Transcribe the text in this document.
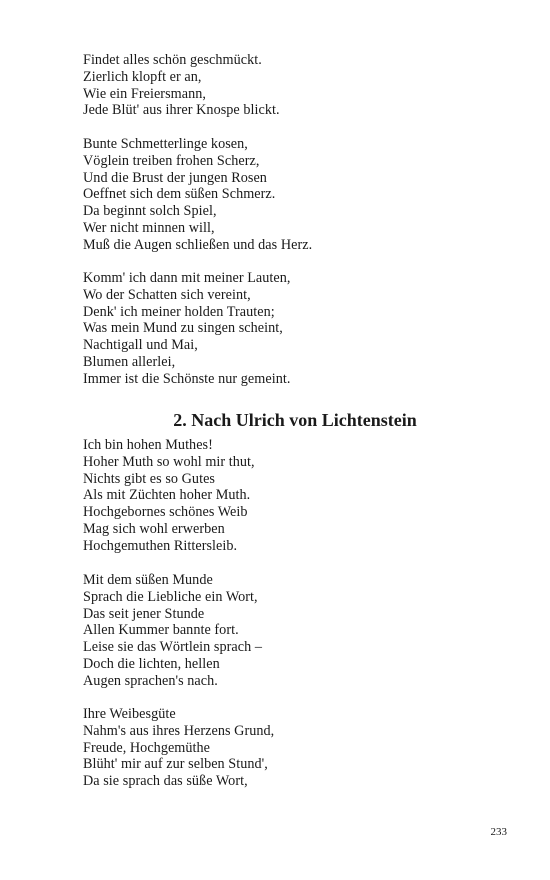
Findet alles schön geschmückt.
Zierlich klopft er an,
Wie ein Freiersmann,
Jede Blüt' aus ihrer Knospe blickt.
Bunte Schmetterlinge kosen,
Vöglein treiben frohen Scherz,
Und die Brust der jungen Rosen
Oeffnet sich dem süßen Schmerz.
Da beginnt solch Spiel,
Wer nicht minnen will,
Muß die Augen schließen und das Herz.
Komm' ich dann mit meiner Lauten,
Wo der Schatten sich vereint,
Denk' ich meiner holden Trauten;
Was mein Mund zu singen scheint,
Nachtigall und Mai,
Blumen allerlei,
Immer ist die Schönste nur gemeint.
2. Nach Ulrich von Lichtenstein
Ich bin hohen Muthes!
Hoher Muth so wohl mir thut,
Nichts gibt es so Gutes
Als mit Züchten hoher Muth.
Hochgebornes schönes Weib
Mag sich wohl erwerben
Hochgemuthen Rittersleib.
Mit dem süßen Munde
Sprach die Liebliche ein Wort,
Das seit jener Stunde
Allen Kummer bannte fort.
Leise sie das Wörtlein sprach –
Doch die lichten, hellen
Augen sprachen's nach.
Ihre Weibesgüte
Nahm's aus ihres Herzens Grund,
Freude, Hochgemüthe
Blüht' mir auf zur selben Stund',
Da sie sprach das süße Wort,
233
